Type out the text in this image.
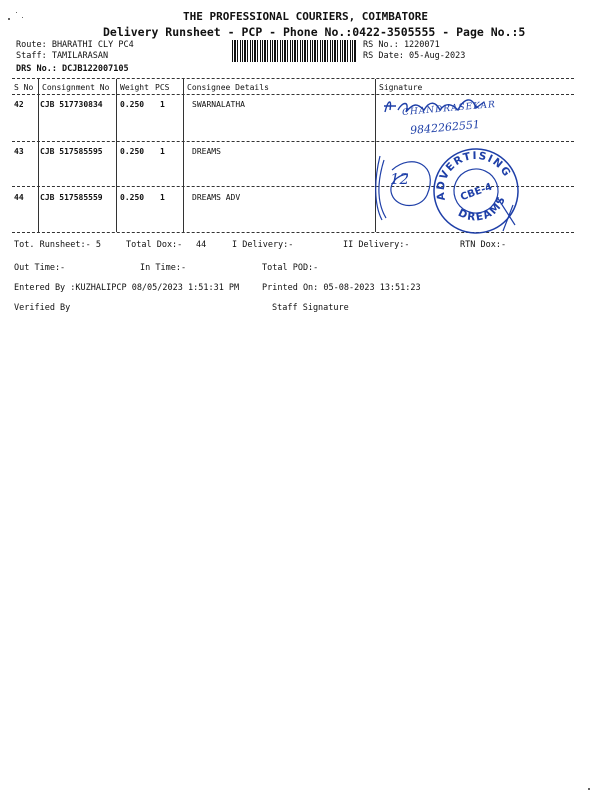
THE PROFESSIONAL COURIERS, COIMBATORE
Delivery Runsheet - PCP - Phone No.:0422-3505555 - Page No.:5
Route: BHARATHI CLY PC4
Staff: TAMILARASAN
DRS No.: DCJB122007105
RS No.: 1220071
RS Date: 05-Aug-2023
S No Consignment No Weight PCS Consignee Details	Signature
42 CJB 517730834 0.250 1	SWARNALATHA
43 CJB 517585595 0.250 1	DREAMS
44 CJB 517585559 0.250 1	DREAMS ADV
CHANDRASEKAR
9842262551
12
ADVERTISING
DREAMS
CBE-4
Tot. Runsheet:- 5	Total Dox:- 44	I Delivery:-	II Delivery:-	RTN Dox:-
Out Time:-	In Time:-	Total POD:-
Entered By :KUZHALIPCP 08/05/2023 1:51:31 PM	Printed On: 05-08-2023 13:51:23
Verified By	Staff Signature
